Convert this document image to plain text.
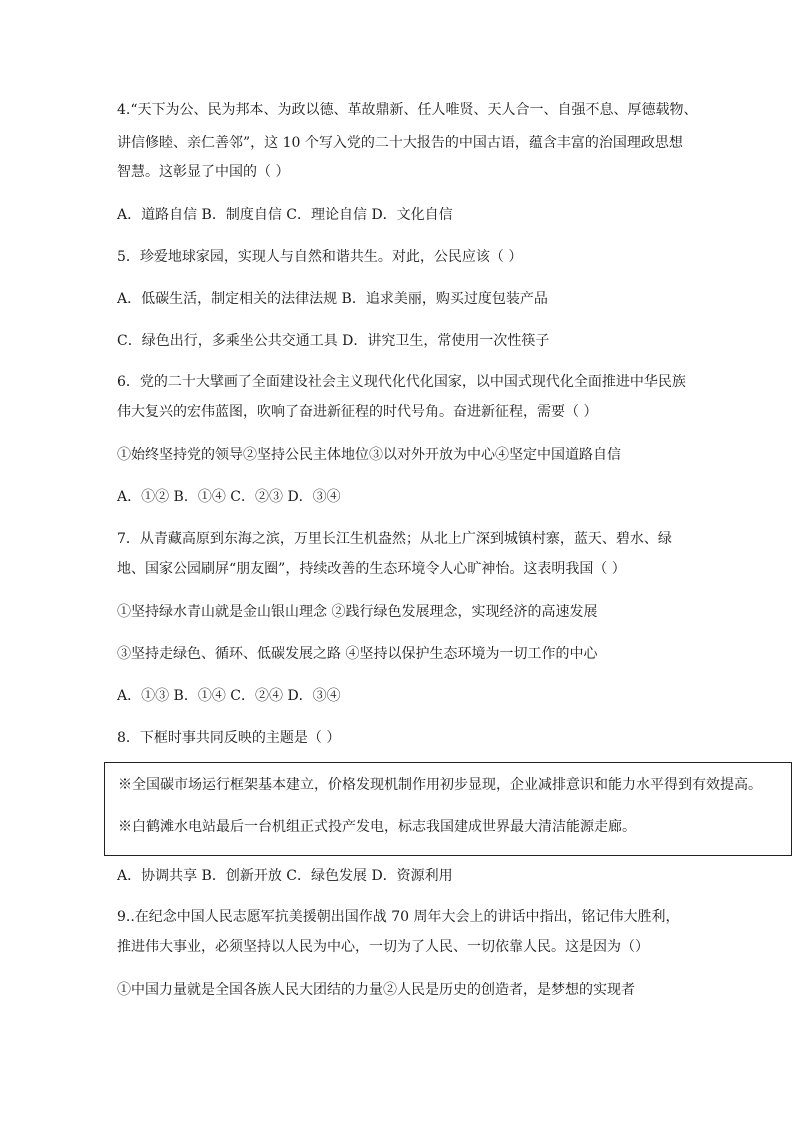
4.“天下为公、民为邦本、为政以德、革故鼎新、任人唯贤、天人合一、自强不息、厚德载物、
讲信修睦、亲仁善邻”，这 10 个写入党的二十大报告的中国古语，蕴含丰富的治国理政思想
智慧。这彰显了中国的（ ）
A．道路自信 B．制度自信 C．理论自信 D．文化自信
5．珍爱地球家园，实现人与自然和谐共生。对此，公民应该（ ）
A．低碳生活，制定相关的法律法规 B．追求美丽，购买过度包装产品
C．绿色出行，多乘坐公共交通工具 D．讲究卫生，常使用一次性筷子
6．党的二十大擘画了全面建设社会主义现代化代化国家，以中国式现代化全面推进中华民族
伟大复兴的宏伟蓝图，吹响了奋进新征程的时代号角。奋进新征程，需要（ ）
①始终坚持党的领导②坚持公民主体地位③以对外开放为中心④坚定中国道路自信
A．①② B．①④ C．②③ D．③④
7．从青藏高原到东海之滨，万里长江生机盎然；从北上广深到城镇村寨，蓝天、碧水、绿
地、国家公园刷屏“朋友圈”，持续改善的生态环境令人心旷神怡。这表明我国（ ）
①坚持绿水青山就是金山银山理念 ②践行绿色发展理念，实现经济的高速发展
③坚持走绿色、循环、低碳发展之路 ④坚持以保护生态环境为一切工作的中心
A．①③ B．①④ C．②④ D．③④
8．下框时事共同反映的主题是（ ）
※全国碳市场运行框架基本建立，价格发现机制作用初步显现，企业减排意识和能力水平得到有效提高。
※白鹤滩水电站最后一台机组正式投产发电，标志我国建成世界最大清洁能源走廊。
A．协调共享 B．创新开放 C．绿色发展 D．资源利用
9..在纪念中国人民志愿军抗美援朝出国作战 70 周年大会上的讲话中指出，铭记伟大胜利，
推进伟大事业，必须坚持以人民为中心，一切为了人民、一切依靠人民。这是因为（）
①中国力量就是全国各族人民大团结的力量②人民是历史的创造者，是梦想的实现者
